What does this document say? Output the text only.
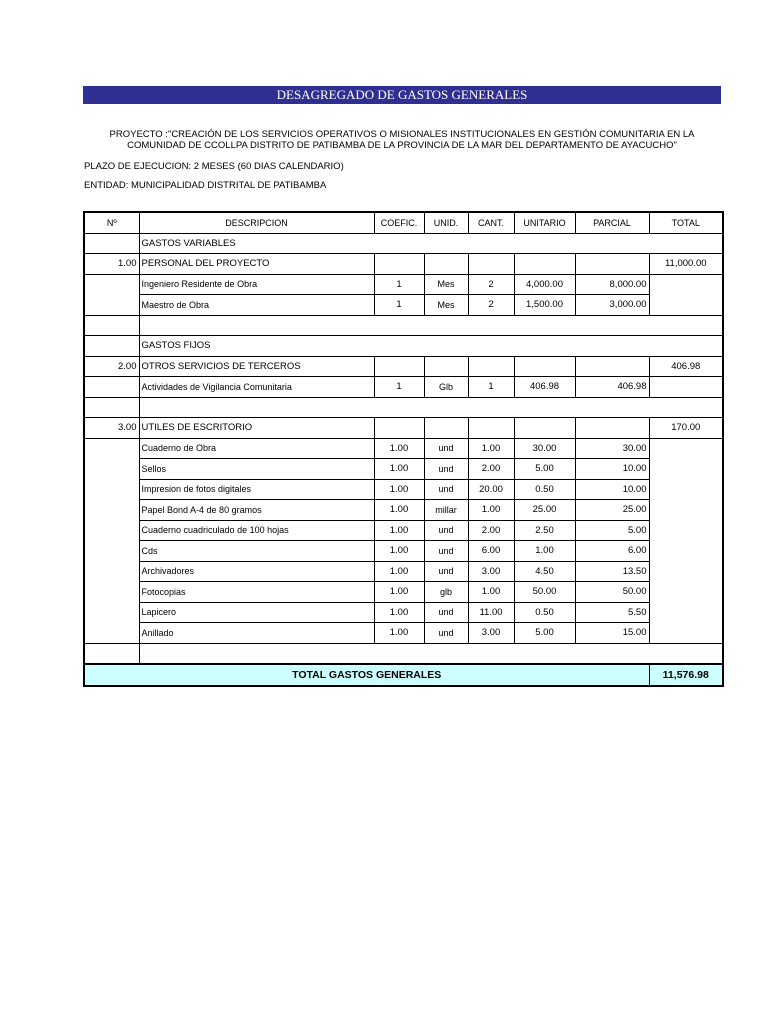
DESAGREGADO DE GASTOS GENERALES
PROYECTO :"CREACIÓN DE LOS SERVICIOS OPERATIVOS O MISIONALES INSTITUCIONALES EN GESTIÓN COMUNITARIA EN LA COMUNIDAD DE CCOLLPA DISTRITO DE PATIBAMBA DE LA PROVINCIA DE LA MAR DEL DEPARTAMENTO DE AYACUCHO"
PLAZO DE EJECUCION: 2 MESES (60 DIAS CALENDARIO)
ENTIDAD: MUNICIPALIDAD DISTRITAL DE PATIBAMBA
Nº	DESCRIPCION	COEFIC.	UNID.	CANT.	UNITARIO	PARCIAL	TOTAL
	GASTOS VARIABLES						
1.00	PERSONAL DEL PROYECTO						11,000.00
	Ingeniero Residente de Obra	1	Mes	2	4,000.00	8,000.00	
	Maestro de Obra	1	Mes	2	1,500.00	3,000.00	

	GASTOS FIJOS						
2.00	OTROS SERVICIOS DE TERCEROS						406.98
	Actividades de Vigilancia Comunitaria	1	Glb	1	406.98	406.98	

3.00	UTILES DE ESCRITORIO						170.00
	Cuaderno de Obra	1.00	und	1.00	30.00	30.00	
	Sellos	1.00	und	2.00	5.00	10.00	
	Impresion de fotos digitales	1.00	und	20.00	0.50	10.00	
	Papel Bond A-4 de 80 gramos	1.00	millar	1.00	25.00	25.00	
	Cuaderno cuadriculado de 100 hojas	1.00	und	2.00	2.50	5.00	
	Cds	1.00	und	6.00	1.00	6.00	
	Archivadores	1.00	und	3.00	4.50	13.50	
	Fotocopias	1.00	glb	1.00	50.00	50.00	
	Lapicero	1.00	und	11.00	0.50	5.50	
	Anillado	1.00	und	3.00	5.00	15.00	

TOTAL GASTOS GENERALES							11,576.98
